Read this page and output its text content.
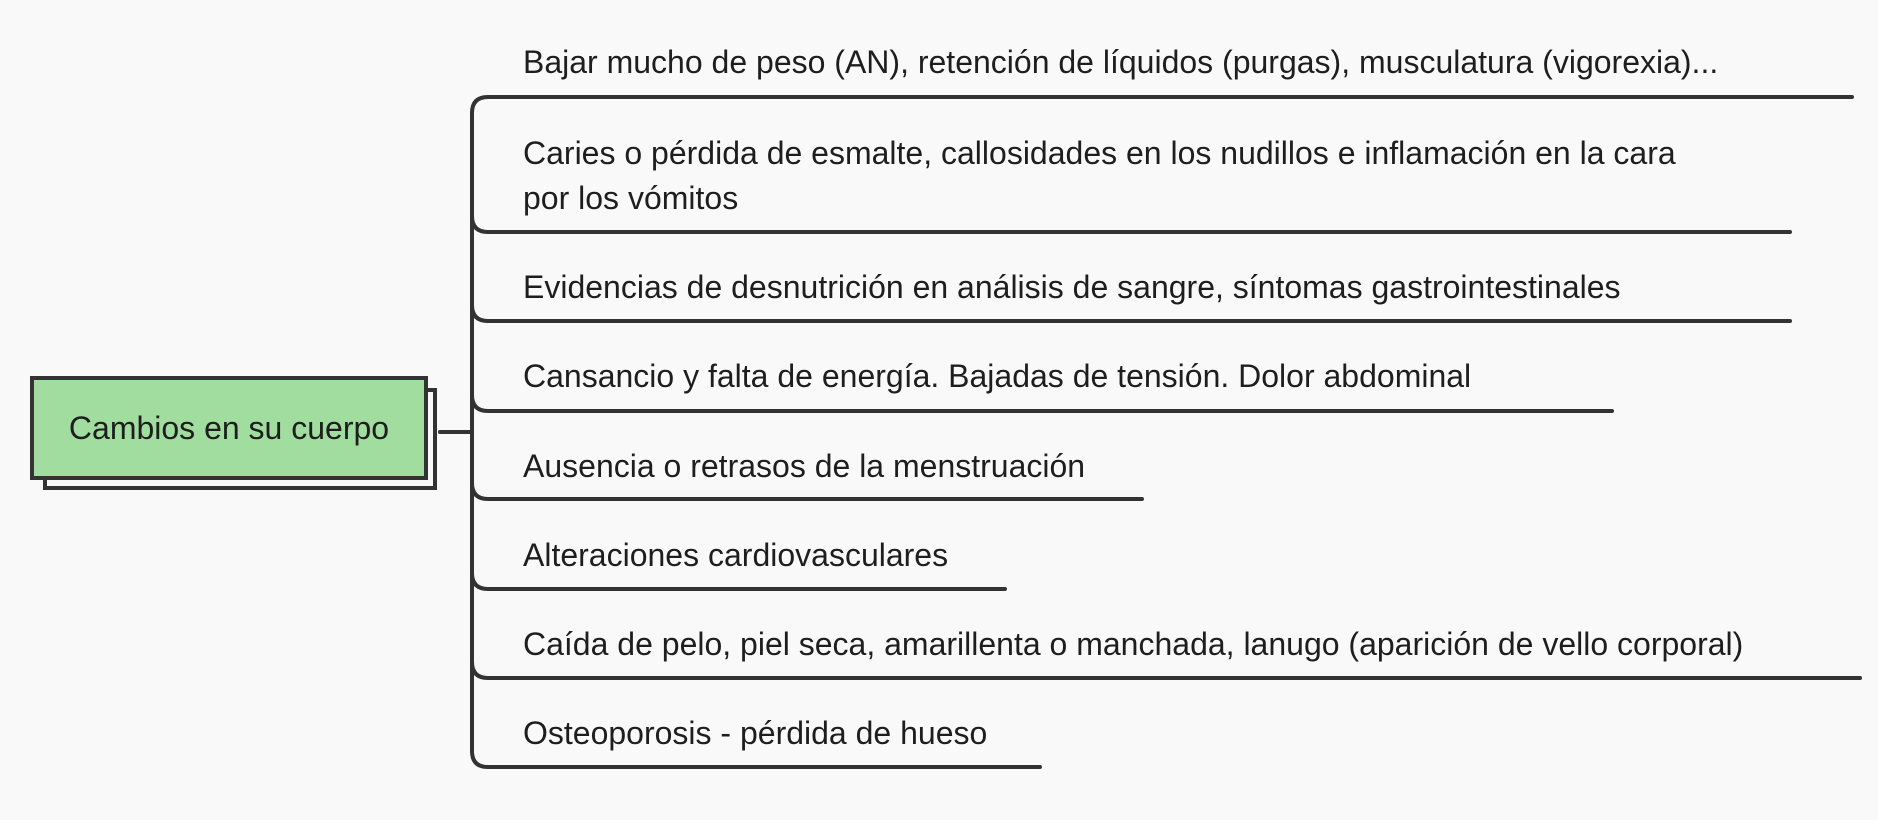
Cambios en su cuerpo
Bajar mucho de peso (AN), retención de líquidos (purgas), musculatura (vigorexia)...
Caries o pérdida de esmalte, callosidades en los nudillos e inflamación en la cara
por los vómitos
Evidencias de desnutrición en análisis de sangre, síntomas gastrointestinales
Cansancio y falta de energía. Bajadas de tensión. Dolor abdominal
Ausencia o retrasos de la menstruación
Alteraciones cardiovasculares
Caída de pelo, piel seca, amarillenta o manchada, lanugo (aparición de vello corporal)
Osteoporosis - pérdida de hueso
